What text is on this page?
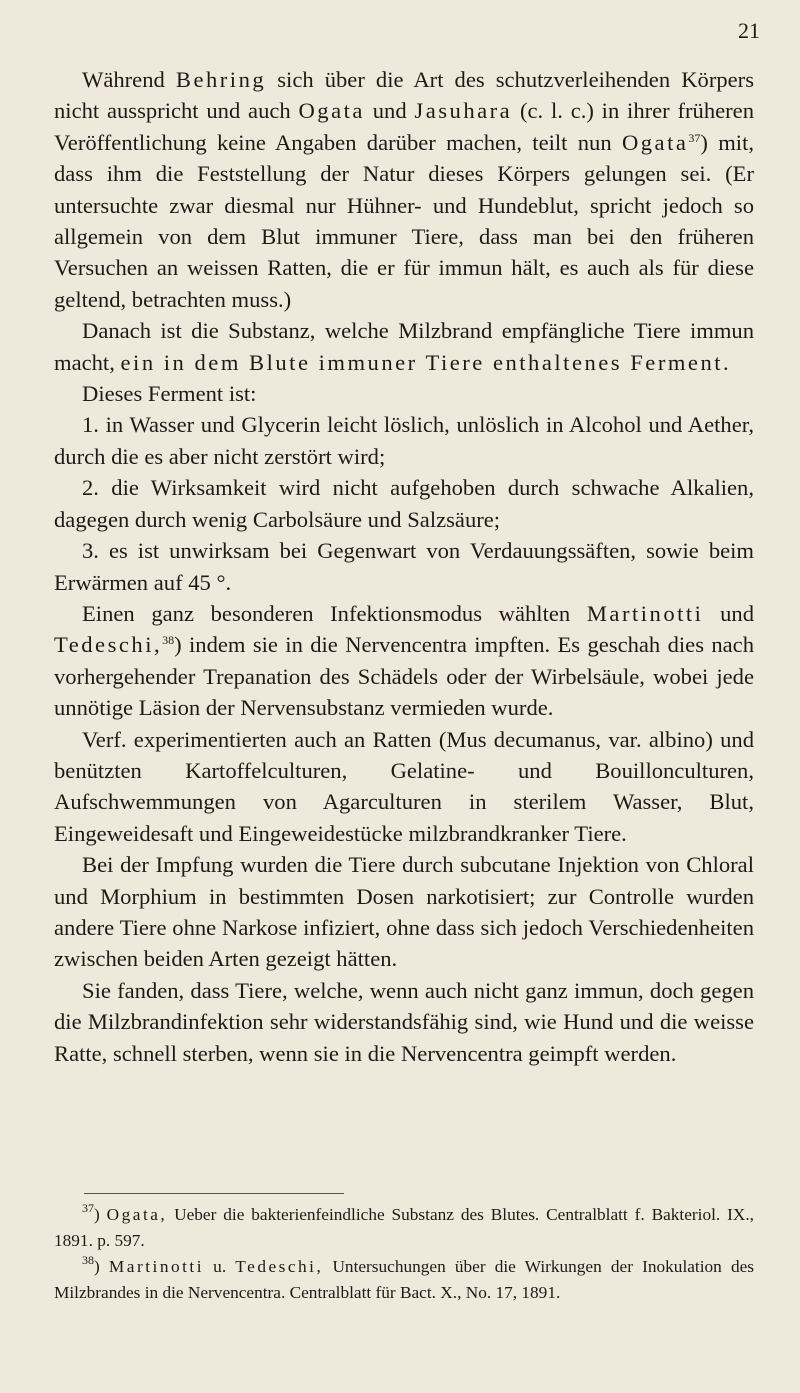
21

Während Behring sich über die Art des schutzverleihenden Körpers nicht ausspricht und auch Ogata und Jasuhara (c. l. c.) in ihrer früheren Veröffentlichung keine Angaben darüber machen, teilt nun Ogata$^{37}$) mit, dass ihm die Feststellung der Natur dieses Körpers gelungen sei. (Er untersuchte zwar diesmal nur Hühner- und Hundeblut, spricht jedoch so allgemein von dem Blut immuner Tiere, dass man bei den früheren Versuchen an weissen Ratten, die er für immun hält, es auch als für diese geltend, betrachten muss.)

Danach ist die Substanz, welche Milzbrand empfängliche Tiere immun macht, ein in dem Blute immuner Tiere enthaltenes Ferment.

Dieses Ferment ist:

1. in Wasser und Glycerin leicht löslich, unlöslich in Alcohol und Aether, durch die es aber nicht zerstört wird;
2. die Wirksamkeit wird nicht aufgehoben durch schwache Alkalien, dagegen durch wenig Carbolsäure und Salzsäure;
3. es ist unwirksam bei Gegenwart von Verdauungssäften, sowie beim Erwärmen auf 45 °.

Einen ganz besonderen Infektionsmodus wählten Martinotti und Tedeschi,$^{38}$) indem sie in die Nervencentra impften. Es geschah dies nach vorhergehender Trepanation des Schädels oder der Wirbelsäule, wobei jede unnötige Läsion der Nervensubstanz vermieden wurde.

Verf. experimentierten auch an Ratten (Mus decumanus, var. albino) und benützten Kartoffelculturen, Gelatine- und Bouillonculturen, Aufschwemmungen von Agarculturen in sterilem Wasser, Blut, Eingeweidesaft und Eingeweidestücke milzbrandkranker Tiere.

Bei der Impfung wurden die Tiere durch subcutane Injektion von Chloral und Morphium in bestimmten Dosen narkotisiert; zur Controlle wurden andere Tiere ohne Narkose infiziert, ohne dass sich jedoch Verschiedenheiten zwischen beiden Arten gezeigt hätten.

Sie fanden, dass Tiere, welche, wenn auch nicht ganz immun, doch gegen die Milzbrandinfektion sehr widerstandsfähig sind, wie Hund und die weisse Ratte, schnell sterben, wenn sie in die Nervencentra geimpft werden.

$^{37}$) Ogata, Ueber die bakterienfeindliche Substanz des Blutes. Centralblatt f. Bakteriol. IX., 1891. p. 597.

$^{38}$) Martinotti u. Tedeschi, Untersuchungen über die Wirkungen der Inokulation des Milzbrandes in die Nervencentra. Centralblatt für Bact. X., No. 17, 1891.
